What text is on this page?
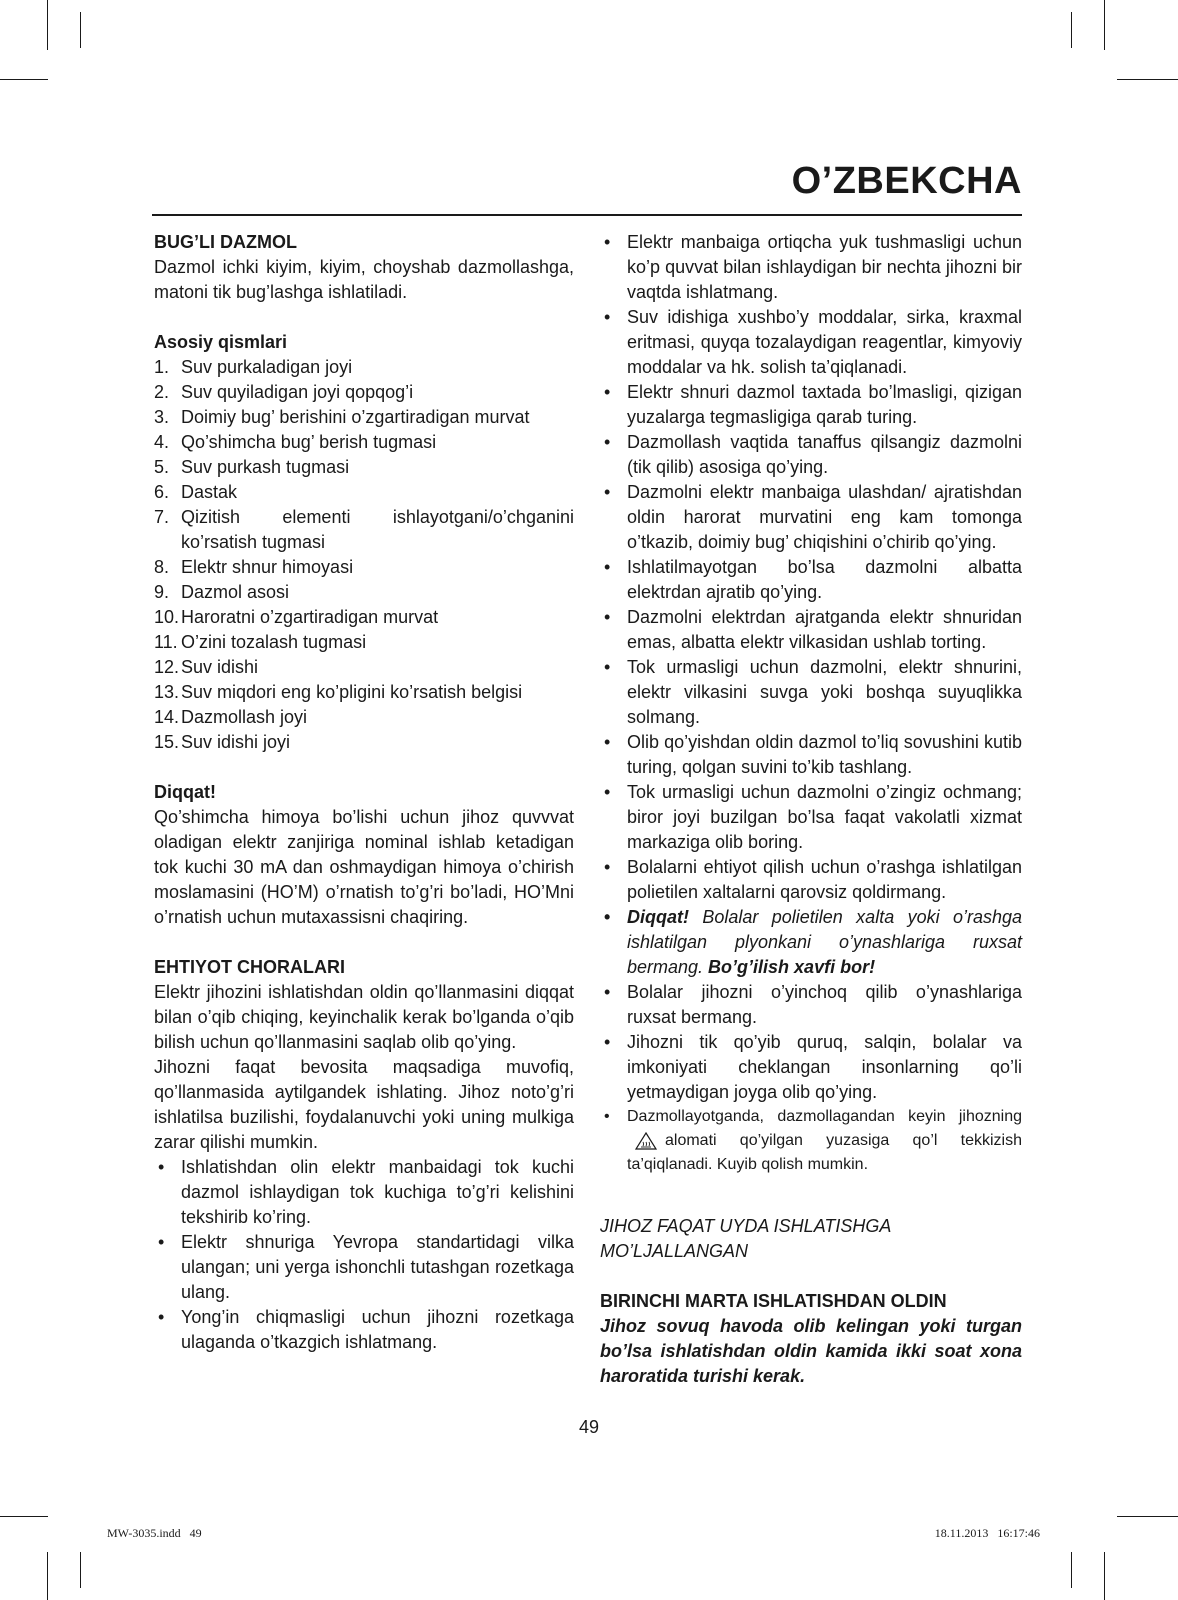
O’ZBEKCHA

BUG’LI DAZMOL

Dazmol ichki kiyim, kiyim, choyshab dazmollashga, matoni tik bug’lashga ishlatiladi.

Asosiy qismlari

1. Suv purkaladigan joyi
2. Suv quyiladigan joyi qopqog’i
3. Doimiy bug’ berishini o’zgartiradigan murvat
4. Qo’shimcha bug’ berish tugmasi
5. Suv purkash tugmasi
6. Dastak
7. Qizitish elementi ishlayotgani/o’chganini ko’rsatish tugmasi
8. Elektr shnur himoyasi
9. Dazmol asosi
10. Haroratni o’zgartiradigan murvat
11. O’zini tozalash tugmasi
12. Suv idishi
13. Suv miqdori eng ko’pligini ko’rsatish belgisi
14. Dazmollash joyi
15. Suv idishi joyi

Diqqat!

Qo’shimcha himoya bo’lishi uchun jihoz quvvvat oladigan elektr zanjiriga nominal ishlab ketadigan tok kuchi 30 mA dan oshmaydigan himoya o’chirish moslamasini (HO’M) o’rnatish to’g’ri bo’ladi, HO’Mni o’rnatish uchun mutaxassisni chaqiring.

EHTIYOT CHORALARI

Elektr jihozini ishlatishdan oldin qo’llanmasini diqqat bilan o’qib chiqing, keyinchalik kerak bo’lganda o’qib bilish uchun qo’llanmasini saqlab olib qo’ying.

Jihozni faqat bevosita maqsadiga muvofiq, qo’llanmasida aytilgandek ishlating. Jihoz noto’g’ri ishlatilsa buzilishi, foydalanuvchi yoki uning mulkiga zarar qilishi mumkin.

• Ishlatishdan olin elektr manbaidagi tok kuchi dazmol ishlaydigan tok kuchiga to’g’ri kelishini tekshirib ko’ring.
• Elektr shnuriga Yevropa standartidagi vilka ulangan; uni yerga ishonchli tutashgan rozetkaga ulang.
• Yong’in chiqmasligi uchun jihozni rozetkaga ulaganda o’tkazgich ishlatmang.
• Elektr manbaiga ortiqcha yuk tushmasligi uchun ko’p quvvat bilan ishlaydigan bir nechta jihozni bir vaqtda ishlatmang.
• Suv idishiga xushbo’y moddalar, sirka, kraxmal eritmasi, quyqa tozalaydigan reagentlar, kimyoviy moddalar va hk. solish ta’qiqlanadi.
• Elektr shnuri dazmol taxtada bo’lmasligi, qizigan yuzalarga tegmasligiga qarab turing.
• Dazmollash vaqtida tanaffus qilsangiz dazmolni (tik qilib) asosiga qo’ying.
• Dazmolni elektr manbaiga ulashdan/ ajratishdan oldin harorat murvatini eng kam tomonga o’tkazib, doimiy bug’ chiqishini o’chirib qo’ying.
• Ishlatilmayotgan bo’lsa dazmolni albatta elektrdan ajratib qo’ying.
• Dazmolni elektrdan ajratganda elektr shnuridan emas, albatta elektr vilkasidan ushlab torting.
• Tok urmasligi uchun dazmolni, elektr shnurini, elektr vilkasini suvga yoki boshqa suyuqlikka solmang.
• Olib qo’yishdan oldin dazmol to’liq sovushini kutib turing, qolgan suvini to’kib tashlang.
• Tok urmasligi uchun dazmolni o’zingiz ochmang; biror joyi buzilgan bo’lsa faqat vakolatli xizmat markaziga olib boring.
• Bolalarni ehtiyot qilish uchun o’rashga ishlatilgan polietilen xaltalarni qarovsiz qoldirmang.
• Diqqat! Bolalar polietilen xalta yoki o’rashga ishlatilgan plyonkani o’ynashlariga ruxsat bermang. Bo’g’ilish xavfi bor!
• Bolalar jihozni o’yinchoq qilib o’ynashlariga ruxsat bermang.
• Jihozni tik qo’yib quruq, salqin, bolalar va imkoniyati cheklangan insonlarning qo’li yetmaydigan joyga olib qo’ying.
•	Dazmollayotganda, dazmollagandan keyin jihozningalomati qo’yilgan yuzasiga qo’l tekkizish ta’qiqlanadi. Kuyib qolish mumkin.

JIHOZ FAQAT UYDA ISHLATISHGA MO’LJALLANGAN

BIRINCHI MARTA ISHLATISHDAN OLDIN

Jihoz sovuq havoda olib kelingan yoki turgan bo’lsa ishlatishdan oldin kamida ikki soat xona haroratida turishi kerak.

49

MW-3035.indd   49	18.11.2013   16:17:46
